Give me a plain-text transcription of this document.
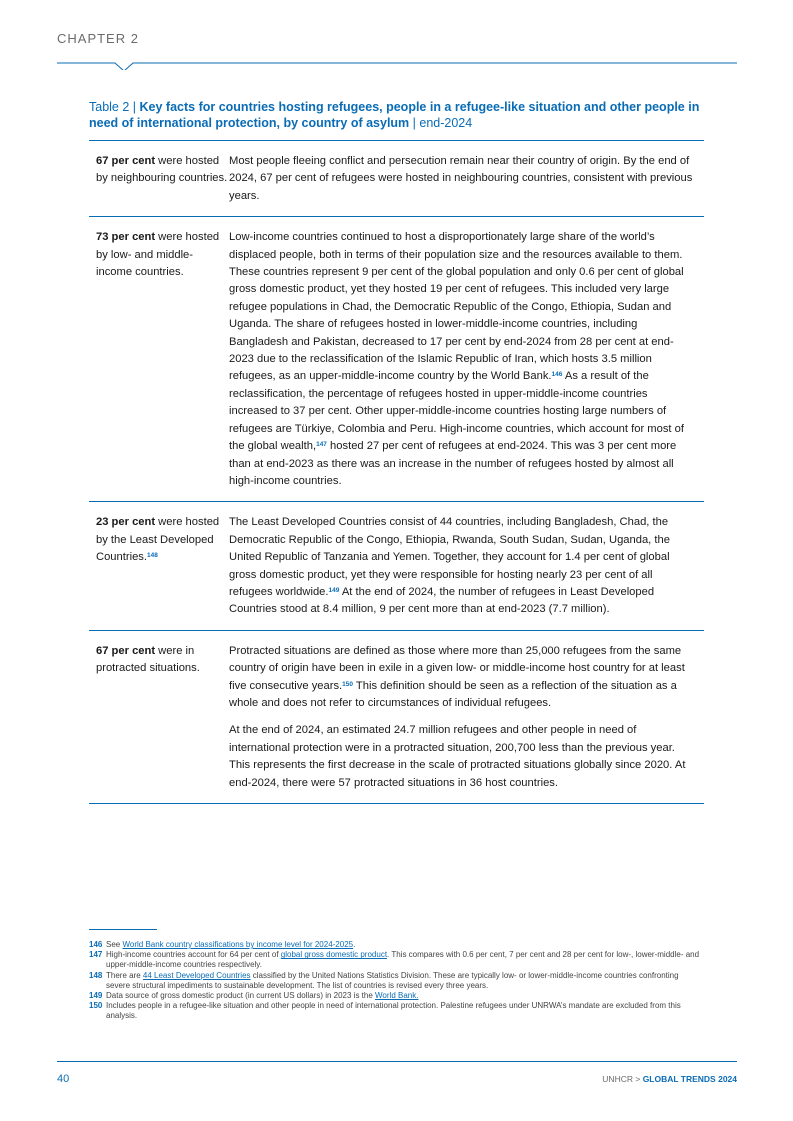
CHAPTER 2
Table 2 | Key facts for countries hosting refugees, people in a refugee-like situation and other people in need of international protection, by country of asylum | end-2024
67 per cent were hosted by neighbouring countries.

Most people fleeing conflict and persecution remain near their country of origin. By the end of 2024, 67 per cent of refugees were hosted in neighbouring countries, consistent with previous years.

73 per cent were hosted by low- and middle-income countries.

Low-income countries continued to host a disproportionately large share of the world’s displaced people, both in terms of their population size and the resources available to them. These countries represent 9 per cent of the global population and only 0.6 per cent of global gross domestic product, yet they hosted 19 per cent of refugees. This included very large refugee populations in Chad, the Democratic Republic of the Congo, Ethiopia, Sudan and Uganda. The share of refugees hosted in lower-middle-income countries, including Bangladesh and Pakistan, decreased to 17 per cent by end-2024 from 28 per cent at end-2023 due to the reclassification of the Islamic Republic of Iran, which hosts 3.5 million refugees, as an upper-middle-income country by the World Bank.$^{146}$ As a result of the reclassification, the percentage of refugees hosted in upper-middle-income countries increased to 37 per cent. Other upper-middle-income countries hosting large numbers of refugees are Türkiye, Colombia and Peru. High-income countries, which account for most of the global wealth,$^{147}$ hosted 27 per cent of refugees at end-2024. This was 3 per cent more than at end-2023 as there was an increase in the number of refugees hosted by almost all high-income countries.

23 per cent were hosted by the Least Developed Countries.$^{148}$

The Least Developed Countries consist of 44 countries, including Bangladesh, Chad, the Democratic Republic of the Congo, Ethiopia, Rwanda, South Sudan, Sudan, Uganda, the United Republic of Tanzania and Yemen. Together, they account for 1.4 per cent of global gross domestic product, yet they were responsible for hosting nearly 23 per cent of all refugees worldwide.$^{149}$ At the end of 2024, the number of refugees in Least Developed Countries stood at 8.4 million, 9 per cent more than at end-2023 (7.7 million).

67 per cent were in protracted situations.

Protracted situations are defined as those where more than 25,000 refugees from the same country of origin have been in exile in a given low- or middle-income host country for at least five consecutive years.$^{150}$ This definition should be seen as a reflection of the situation as a whole and does not refer to circumstances of individual refugees.

At the end of 2024, an estimated 24.7 million refugees and other people in need of international protection were in a protracted situation, 200,700 less than the previous year. This represents the first decrease in the scale of protracted situations globally since 2020. At end-2024, there were 57 protracted situations in 36 host countries.

146 See World Bank country classifications by income level for 2024-2025.
147 High-income countries account for 64 per cent of global gross domestic product. This compares with 0.6 per cent, 7 per cent and 28 per cent for low-, lower-middle- and upper-middle-income countries respectively.
148 There are 44 Least Developed Countries classified by the United Nations Statistics Division. These are typically low- or lower-middle-income countries confronting severe structural impediments to sustainable development. The list of countries is revised every three years.
149 Data source of gross domestic product (in current US dollars) in 2023 is the World Bank.
150 Includes people in a refugee-like situation and other people in need of international protection. Palestine refugees under UNRWA’s mandate are excluded from this analysis.
40	UNHCR > GLOBAL TRENDS 2024
